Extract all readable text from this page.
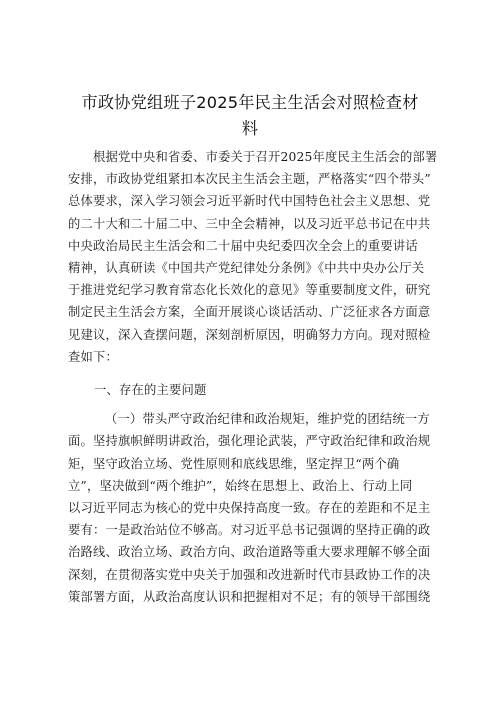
市政协党组班子2025年民主生活会对照检查材
料
根据党中央和省委、市委关于召开2025年度民主生活会的部署
安排，市政协党组紧扣本次民主生活会主题，严格落实“四个带头”
总体要求，深入学习领会习近平新时代中国特色社会主义思想、党
的二十大和二十届二中、三中全会精神，以及习近平总书记在中共
中央政治局民主生活会和二十届中央纪委四次全会上的重要讲话
精神，认真研读《中国共产党纪律处分条例》《中共中央办公厅关
于推进党纪学习教育常态化长效化的意见》等重要制度文件，研究
制定民主生活会方案，全面开展谈心谈话活动、广泛征求各方面意
见建议，深入查摆问题，深刻剖析原因，明确努力方向。现对照检
查如下：
一、存在的主要问题
（一）带头严守政治纪律和政治规矩，维护党的团结统一方
面。坚持旗帜鲜明讲政治，强化理论武装，严守政治纪律和政治规
矩，坚守政治立场、党性原则和底线思维，坚定捍卫“两个确
立”，坚决做到“两个维护”，始终在思想上、政治上、行动上同
以习近平同志为核心的党中央保持高度一致。存在的差距和不足主
要有：一是政治站位不够高。对习近平总书记强调的坚持正确的政
治路线、政治立场、政治方向、政治道路等重大要求理解不够全面
深刻，在贯彻落实党中央关于加强和改进新时代市县政协工作的决
策部署方面，从政治高度认识和把握相对不足；有的领导干部围绕
